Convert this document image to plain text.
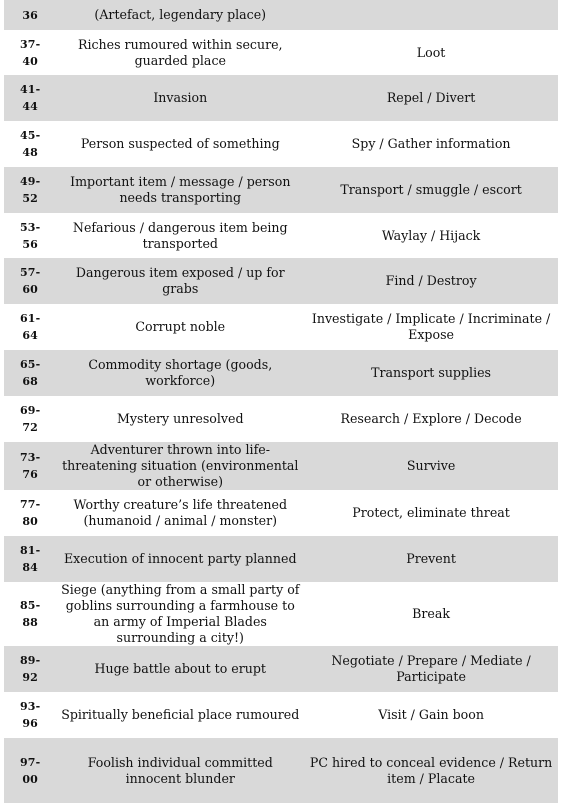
36	(Artefact, legendary place)	
37-
40	Riches rumoured within secure, guarded place	Loot
41-
44	Invasion	Repel / Divert
45-
48	Person suspected of something	Spy / Gather information
49-
52	Important item / message / person needs transporting	Transport / smuggle / escort
53-
56	Nefarious / dangerous item being transported	Waylay / Hijack
57-
60	Dangerous item exposed / up for grabs	Find / Destroy
61-
64	Corrupt noble	Investigate / Implicate / Incriminate / Expose
65-
68	Commodity shortage (goods, workforce)	Transport supplies
69-
72	Mystery unresolved	Research / Explore / Decode
73-
76	Adventurer thrown into life-threatening situation (environmental or otherwise)	Survive
77-
80	Worthy creature’s life threatened (humanoid / animal / monster)	Protect, eliminate threat
81-
84	Execution of innocent party planned	Prevent
85-
88	Siege (anything from a small party of goblins surrounding a farmhouse to an army of Imperial Blades surrounding a city!)	Break
89-
92	Huge battle about to erupt	Negotiate / Prepare / Mediate / Participate
93-
96	Spiritually beneficial place rumoured	Visit / Gain boon
97-
00	Foolish individual committed innocent blunder	PC hired to conceal evidence / Return item / Placate
